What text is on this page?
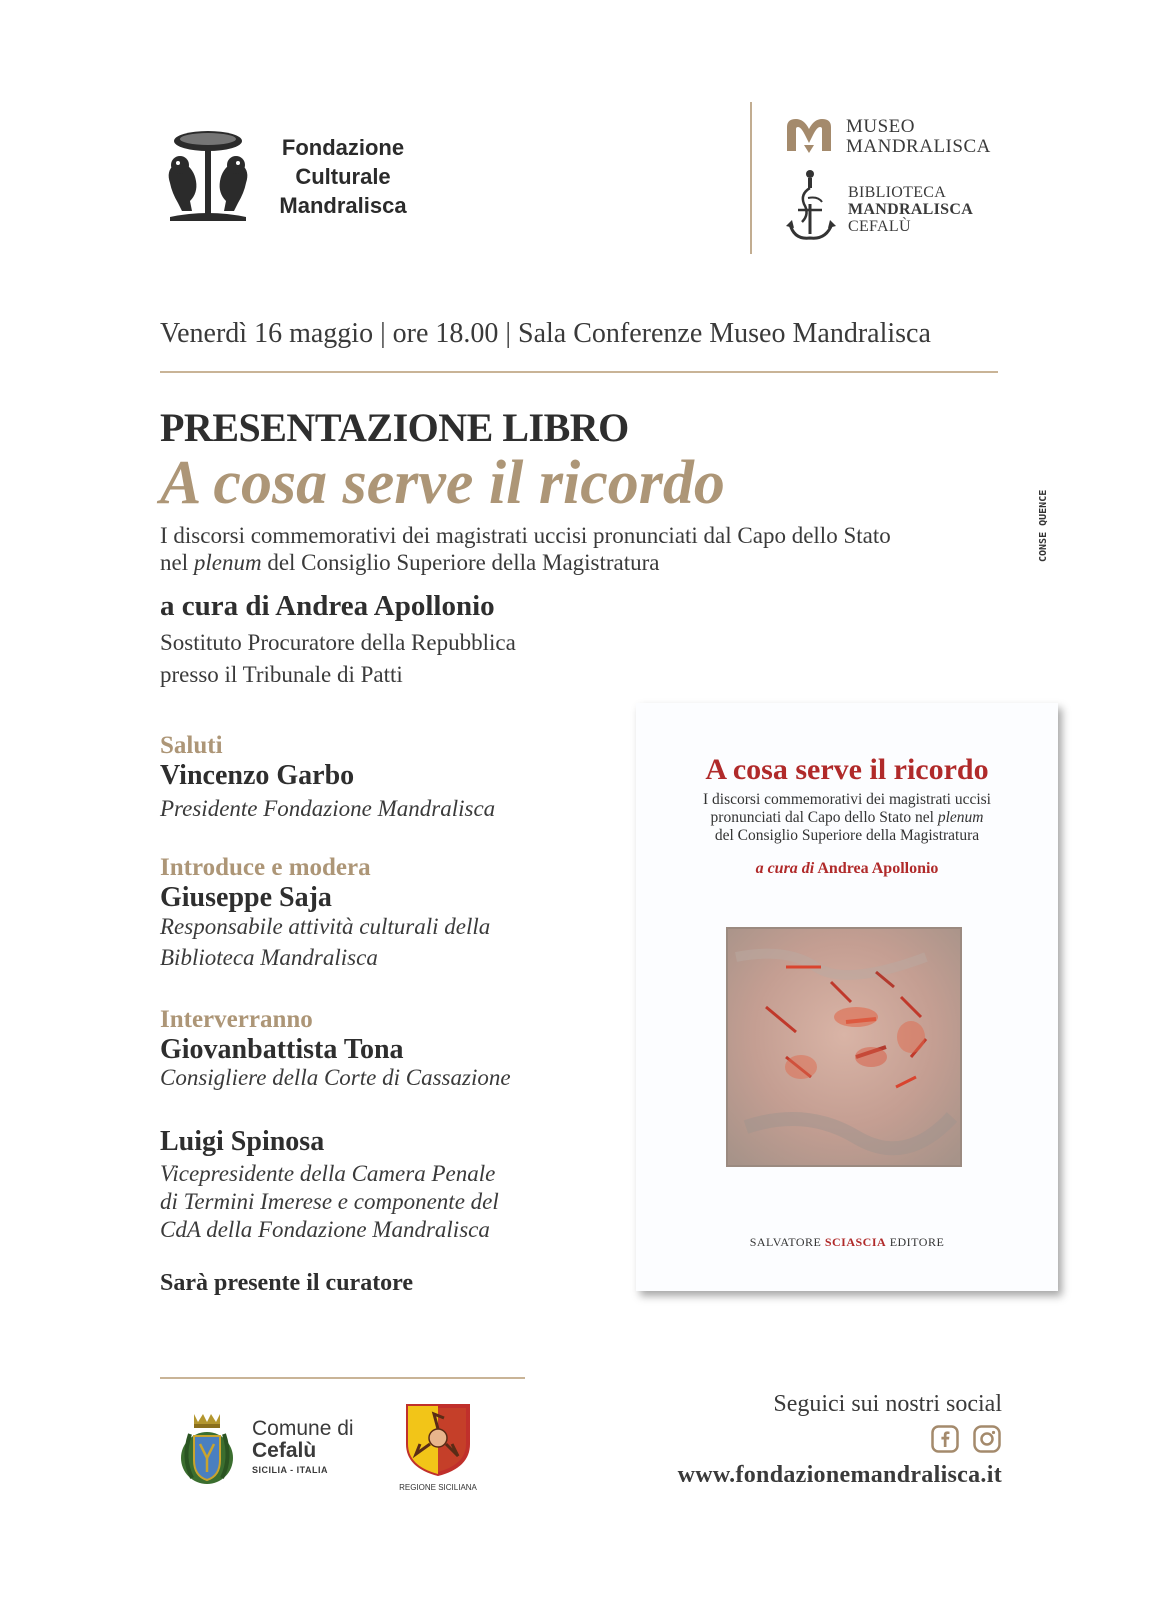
Fondazione
Culturale
Mandralisca
MUSEO
MANDRALISCA
BIBLIOTECA
MANDRALISCA
CEFALÙ
Venerdì 16 maggio | ore 18.00 | Sala Conferenze Museo Mandralisca
PRESENTAZIONE LIBRO
A cosa serve il ricordo
I discorsi commemorativi dei magistrati uccisi pronunciati dal Capo dello Stato nel plenum del Consiglio Superiore della Magistratura
a cura di Andrea Apollonio
Sostituto Procuratore della Repubblica
presso il Tribunale di Patti
CONSE QUENCE
Saluti
Vincenzo Garbo
Presidente Fondazione Mandralisca
Introduce e modera
Giuseppe Saja
Responsabile attività culturali della
Biblioteca Mandralisca
Interverranno
Giovanbattista Tona
Consigliere della Corte di Cassazione
Luigi Spinosa
Vicepresidente della Camera Penale
di Termini Imerese e componente del
CdA della Fondazione Mandralisca
Sarà presente il curatore
A cosa serve il ricordo
I discorsi commemorativi dei magistrati uccisi
pronunciati dal Capo dello Stato nel plenum
del Consiglio Superiore della Magistratura
a cura di Andrea Apollonio
SALVATORE SCIASCIA EDITORE
Comune di
Cefalù
SICILIA - ITALIA
REGIONE SICILIANA
Seguici sui nostri social
www.fondazionemandralisca.it
